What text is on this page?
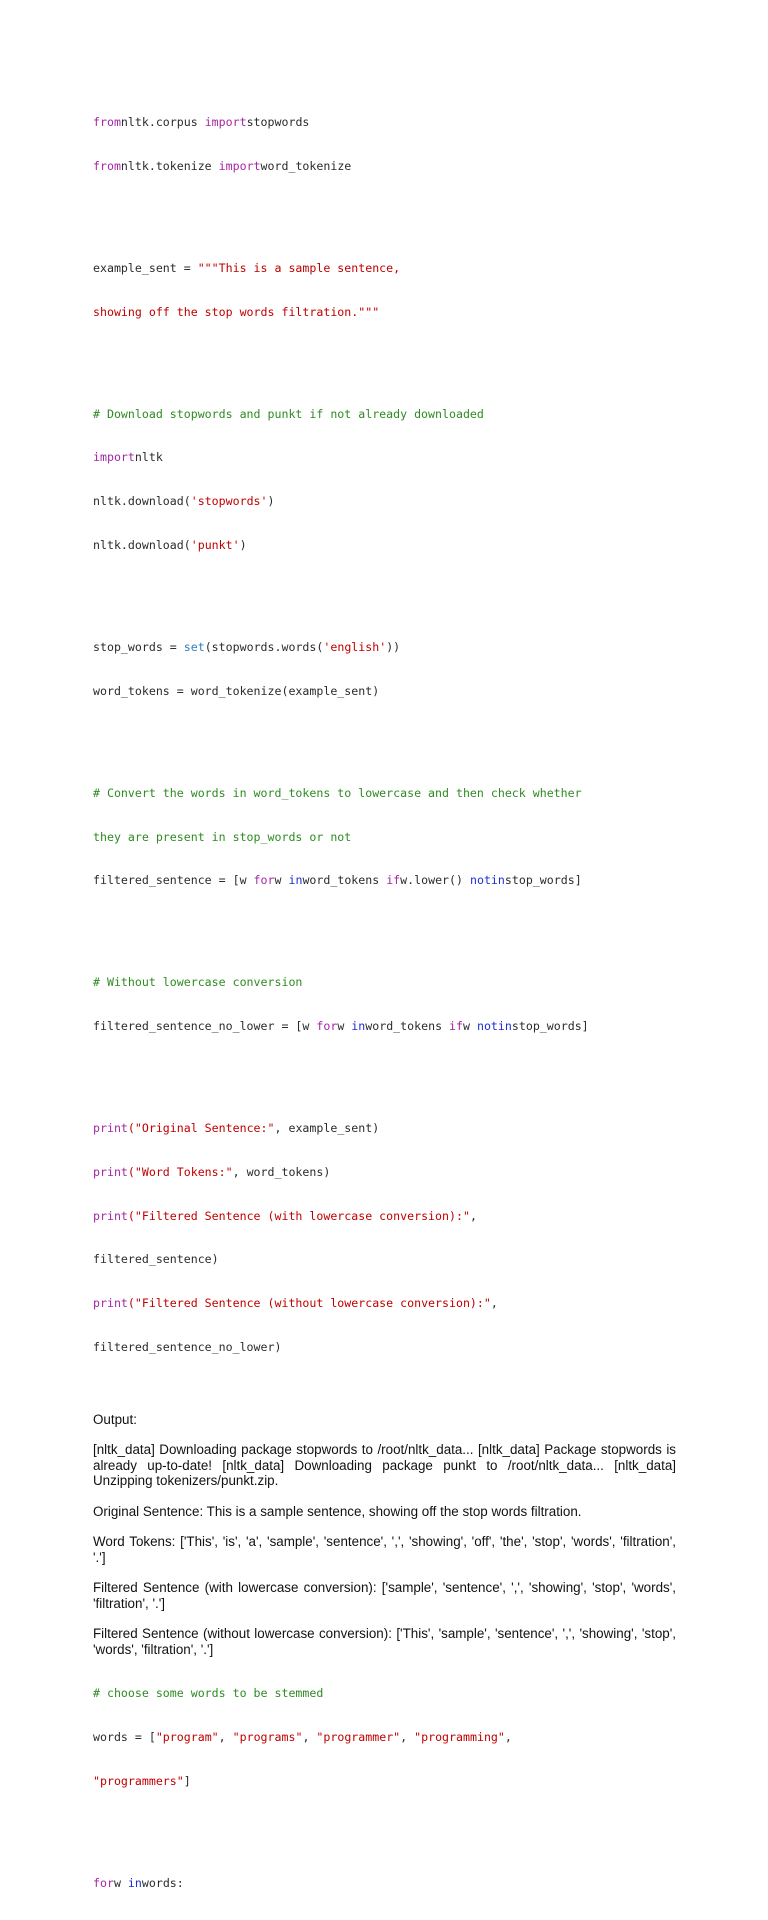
fromnltk.corpus importstopwords

fromnltk.tokenize importword_tokenize

example_sent = """This is a sample sentence,

showing off the stop words filtration."""

# Download stopwords and punkt if not already downloaded

importnltk

nltk.download('stopwords')

nltk.download('punkt')

stop_words = set(stopwords.words('english'))

word_tokens = word_tokenize(example_sent)

# Convert the words in word_tokens to lowercase and then check whether

they are present in stop_words or not

filtered_sentence = [w forw inword_tokens ifw.lower() notinstop_words]

# Without lowercase conversion

filtered_sentence_no_lower = [w forw inword_tokens ifw notinstop_words]

print("Original Sentence:", example_sent)

print("Word Tokens:", word_tokens)

print("Filtered Sentence (with lowercase conversion):",

filtered_sentence)

print("Filtered Sentence (without lowercase conversion):",

filtered_sentence_no_lower)

Output:

[nltk_data] Downloading package stopwords to /root/nltk_data... [nltk_data] Package stopwords is already up-to-date! [nltk_data] Downloading package punkt to /root/nltk_data... [nltk_data] Unzipping tokenizers/punkt.zip.

Original Sentence: This is a sample sentence, showing off the stop words filtration.

Word Tokens: ['This', 'is', 'a', 'sample', 'sentence', ',', 'showing', 'off', 'the', 'stop', 'words', 'filtration', '.']

Filtered Sentence (with lowercase conversion): ['sample', 'sentence', ',', 'showing', 'stop', 'words', 'filtration', '.']

Filtered Sentence (without lowercase conversion): ['This', 'sample', 'sentence', ',', 'showing', 'stop', 'words', 'filtration', '.']

# choose some words to be stemmed

words = ["program", "programs", "programmer", "programming",

"programmers"]

forw inwords:
